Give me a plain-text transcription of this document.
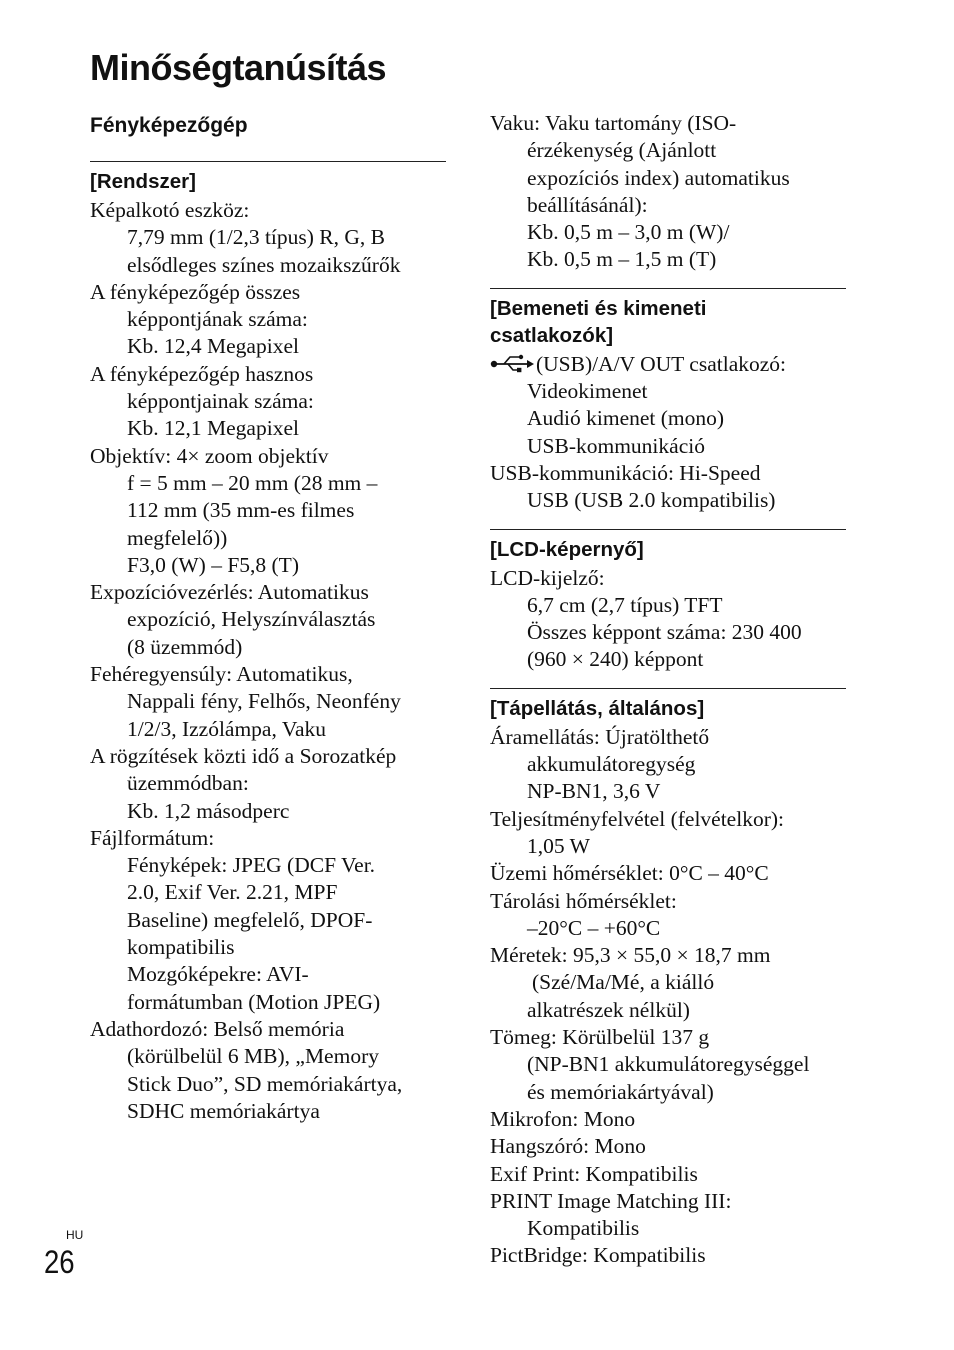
Minőségtanúsítás
Fényképezőgép
[Rendszer]
Képalkotó eszköz:
7,79 mm (1/2,3 típus) R, G, B
elsődleges színes mozaikszűrők
A fényképezőgép összes
képpontjának száma:
Kb. 12,4 Megapixel
A fényképezőgép hasznos
képpontjainak száma:
Kb. 12,1 Megapixel
Objektív: 4× zoom objektív
f = 5 mm – 20 mm (28 mm –
112 mm (35 mm-es filmes
megfelelő))
F3,0 (W) – F5,8 (T)
Expozícióvezérlés: Automatikus
expozíció, Helyszínválasztás
(8 üzemmód)
Fehéregyensúly: Automatikus,
Nappali fény, Felhős, Neonfény
1/2/3, Izzólámpa, Vaku
A rögzítések közti idő a Sorozatkép
üzemmódban:
Kb. 1,2 másodperc
Fájlformátum:
Fényképek: JPEG (DCF Ver.
2.0, Exif Ver. 2.21, MPF
Baseline) megfelelő, DPOF-
kompatibilis
Mozgóképekre: AVI-
formátumban (Motion JPEG)
Adathordozó: Belső memória
(körülbelül 6 MB), „Memory
Stick Duo”, SD memóriakártya,
SDHC memóriakártya
Vaku: Vaku tartomány (ISO-
érzékenység (Ajánlott
expozíciós index) automatikus
beállításánál):
Kb. 0,5 m – 3,0 m (W)/
Kb. 0,5 m – 1,5 m (T)
[Bemeneti és kimeneti
csatlakozók]
(USB)/A/V OUT csatlakozó:
Videokimenet
Audió kimenet (mono)
USB-kommunikáció
USB-kommunikáció: Hi-Speed
USB (USB 2.0 kompatibilis)
[LCD-képernyő]
LCD-kijelző:
6,7 cm (2,7 típus) TFT
Összes képpont száma: 230 400
(960 × 240) képpont
[Tápellátás, általános]
Áramellátás: Újratölthető
akkumulátoregység
NP-BN1, 3,6 V
Teljesítményfelvétel (felvételkor):
1,05 W
Üzemi hőmérséklet: 0°C – 40°C
Tárolási hőmérséklet:
–20°C – +60°C
Méretek: 95,3 × 55,0 × 18,7 mm
(Szé/Ma/Mé, a kiálló
alkatrészek nélkül)
Tömeg: Körülbelül 137 g
(NP-BN1 akkumulátoregységgel
és memóriakártyával)
Mikrofon: Mono
Hangszóró: Mono
Exif Print: Kompatibilis
PRINT Image Matching III:
Kompatibilis
PictBridge: Kompatibilis
HU
26
